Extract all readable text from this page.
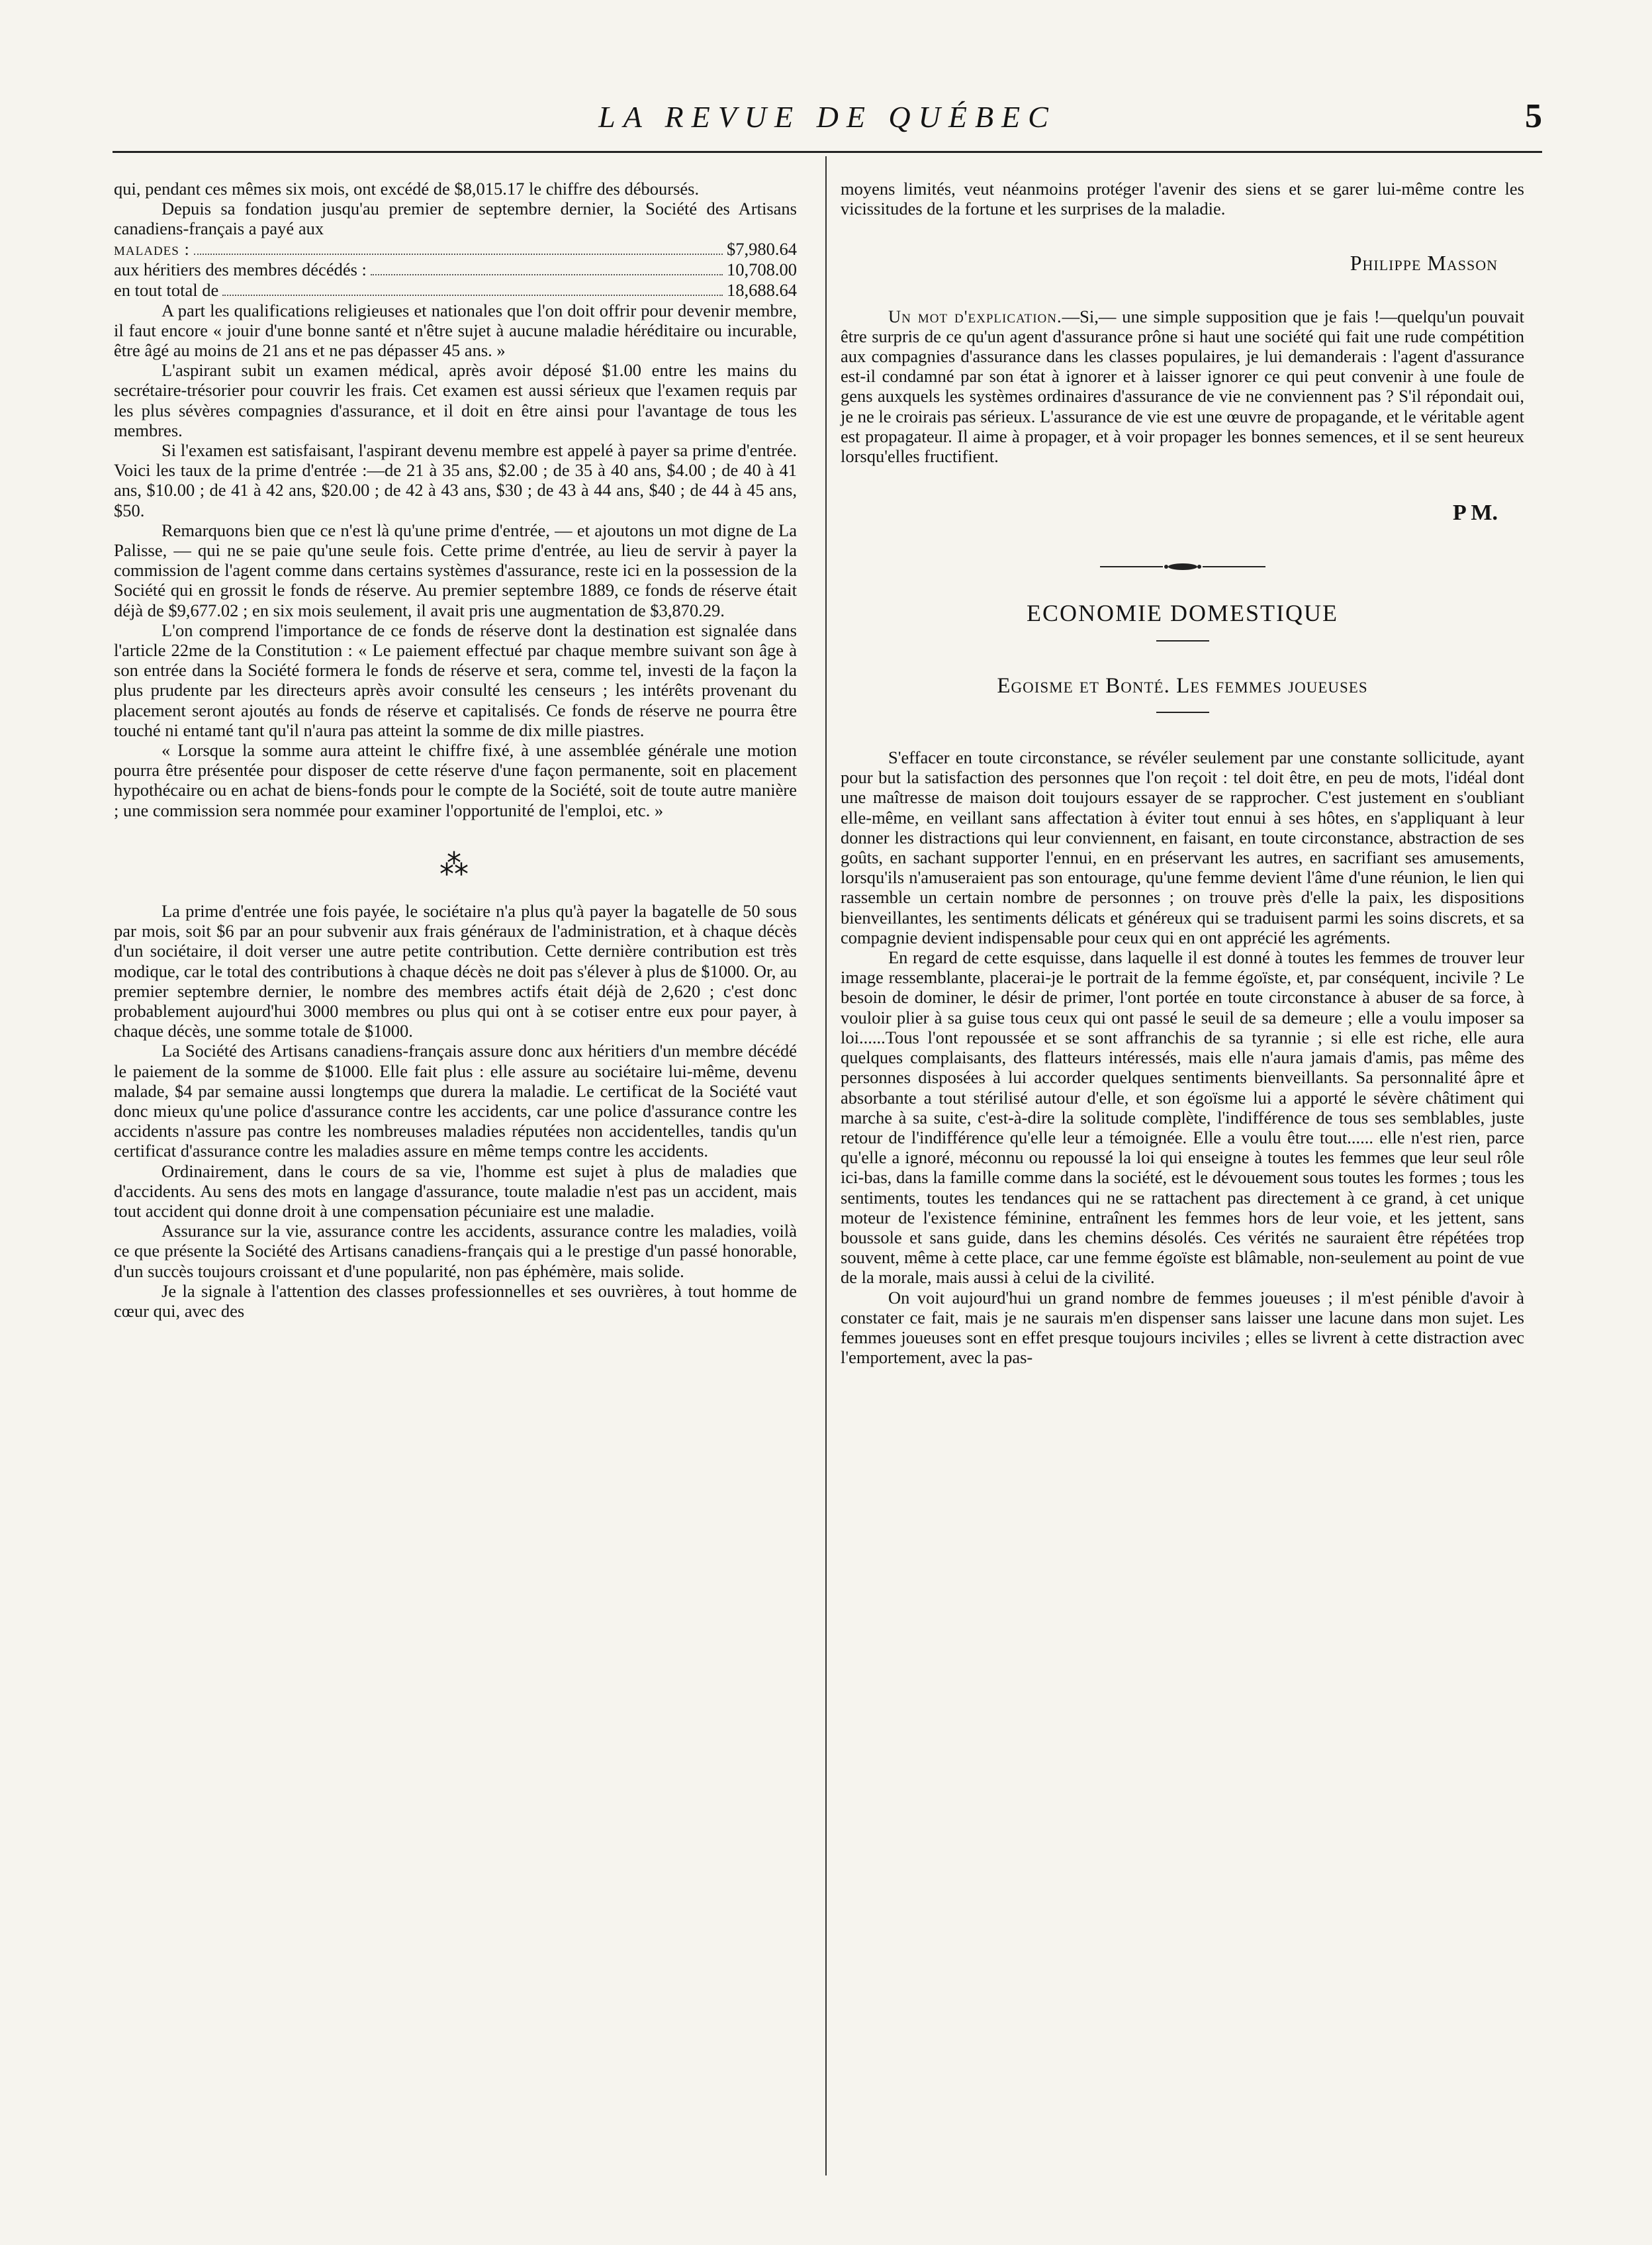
LA REVUE DE QUÉBEC	5

qui, pendant ces mêmes six mois, ont excédé de $8,015.17 le chiffre des déboursés.

Depuis sa fondation jusqu'au premier de septembre dernier, la Société des Artisans canadiens-français a payé aux

malades :	$7,980.64
aux héritiers des membres décédés :	10,708.00
en tout total de	18,688.64

A part les qualifications religieuses et nationales que l'on doit offrir pour devenir membre, il faut encore « jouir d'une bonne santé et n'être sujet à aucune maladie héréditaire ou incurable, être âgé au moins de 21 ans et ne pas dépasser 45 ans. »

L'aspirant subit un examen médical, après avoir déposé $1.00 entre les mains du secrétaire-trésorier pour couvrir les frais. Cet examen est aussi sérieux que l'examen requis par les plus sévères compagnies d'assurance, et il doit en être ainsi pour l'avantage de tous les membres.

Si l'examen est satisfaisant, l'aspirant devenu membre est appelé à payer sa prime d'entrée. Voici les taux de la prime d'entrée :—de 21 à 35 ans, $2.00 ; de 35 à 40 ans, $4.00 ; de 40 à 41 ans, $10.00 ; de 41 à 42 ans, $20.00 ; de 42 à 43 ans, $30 ; de 43 à 44 ans, $40 ; de 44 à 45 ans, $50.

Remarquons bien que ce n'est là qu'une prime d'entrée, — et ajoutons un mot digne de La Palisse, — qui ne se paie qu'une seule fois. Cette prime d'entrée, au lieu de servir à payer la commission de l'agent comme dans certains systèmes d'assurance, reste ici en la possession de la Société qui en grossit le fonds de réserve. Au premier septembre 1889, ce fonds de réserve était déjà de $9,677.02 ; en six mois seulement, il avait pris une augmentation de $3,870.29.

L'on comprend l'importance de ce fonds de réserve dont la destination est signalée dans l'article 22me de la Constitution : « Le paiement effectué par chaque membre suivant son âge à son entrée dans la Société formera le fonds de réserve et sera, comme tel, investi de la façon la plus prudente par les directeurs après avoir consulté les censeurs ; les intérêts provenant du placement seront ajoutés au fonds de réserve et capitalisés. Ce fonds de réserve ne pourra être touché ni entamé tant qu'il n'aura pas atteint la somme de dix mille piastres.

« Lorsque la somme aura atteint le chiffre fixé, à une assemblée générale une motion pourra être présentée pour disposer de cette réserve d'une façon permanente, soit en placement hypothécaire ou en achat de biens-fonds pour le compte de la Société, soit de toute autre manière ; une commission sera nommée pour examiner l'opportunité de l'emploi, etc. »

⁂

La prime d'entrée une fois payée, le sociétaire n'a plus qu'à payer la bagatelle de 50 sous par mois, soit $6 par an pour subvenir aux frais généraux de l'administration, et à chaque décès d'un sociétaire, il doit verser une autre petite contribution. Cette dernière contribution est très modique, car le total des contributions à chaque décès ne doit pas s'élever à plus de $1000. Or, au premier septembre dernier, le nombre des membres actifs était déjà de 2,620 ; c'est donc probablement aujourd'hui 3000 membres ou plus qui ont à se cotiser entre eux pour payer, à chaque décès, une somme totale de $1000.

La Société des Artisans canadiens-français assure donc aux héritiers d'un membre décédé le paiement de la somme de $1000. Elle fait plus : elle assure au sociétaire lui-même, devenu malade, $4 par semaine aussi longtemps que durera la maladie. Le certificat de la Société vaut donc mieux qu'une police d'assurance contre les accidents, car une police d'assurance contre les accidents n'assure pas contre les nombreuses maladies réputées non accidentelles, tandis qu'un certificat d'assurance contre les maladies assure en même temps contre les accidents.

Ordinairement, dans le cours de sa vie, l'homme est sujet à plus de maladies que d'accidents. Au sens des mots en langage d'assurance, toute maladie n'est pas un accident, mais tout accident qui donne droit à une compensation pécuniaire est une maladie.

Assurance sur la vie, assurance contre les accidents, assurance contre les maladies, voilà ce que présente la Société des Artisans canadiens-français qui a le prestige d'un passé honorable, d'un succès toujours croissant et d'une popularité, non pas éphémère, mais solide.

Je la signale à l'attention des classes professionnelles et ses ouvrières, à tout homme de cœur qui, avec des

moyens limités, veut néanmoins protéger l'avenir des siens et se garer lui-même contre les vicissitudes de la fortune et les surprises de la maladie.

Philippe Masson

Un mot d'explication.—Si,— une simple supposition que je fais !—quelqu'un pouvait être surpris de ce qu'un agent d'assurance prône si haut une société qui fait une rude compétition aux compagnies d'assurance dans les classes populaires, je lui demanderais : l'agent d'assurance est-il condamné par son état à ignorer et à laisser ignorer ce qui peut convenir à une foule de gens auxquels les systèmes ordinaires d'assurance de vie ne conviennent pas ? S'il répondait oui, je ne le croirais pas sérieux. L'assurance de vie est une œuvre de propagande, et le véritable agent est propagateur. Il aime à propager, et à voir propager les bonnes semences, et il se sent heureux lorsqu'elles fructifient.

P M.
ECONOMIE DOMESTIQUE
Egoisme et Bonté. Les femmes joueuses

S'effacer en toute circonstance, se révéler seulement par une constante sollicitude, ayant pour but la satisfaction des personnes que l'on reçoit : tel doit être, en peu de mots, l'idéal dont une maîtresse de maison doit toujours essayer de se rapprocher. C'est justement en s'oubliant elle-même, en veillant sans affectation à éviter tout ennui à ses hôtes, en s'appliquant à leur donner les distractions qui leur conviennent, en faisant, en toute circonstance, abstraction de ses goûts, en sachant supporter l'ennui, en en préservant les autres, en sacrifiant ses amusements, lorsqu'ils n'amuseraient pas son entourage, qu'une femme devient l'âme d'une réunion, le lien qui rassemble un certain nombre de personnes ; on trouve près d'elle la paix, les dispositions bienveillantes, les sentiments délicats et généreux qui se traduisent parmi les soins discrets, et sa compagnie devient indispensable pour ceux qui en ont apprécié les agréments.

En regard de cette esquisse, dans laquelle il est donné à toutes les femmes de trouver leur image ressemblante, placerai-je le portrait de la femme égoïste, et, par conséquent, incivile ? Le besoin de dominer, le désir de primer, l'ont portée en toute circonstance à abuser de sa force, à vouloir plier à sa guise tous ceux qui ont passé le seuil de sa demeure ; elle a voulu imposer sa loi......Tous l'ont repoussée et se sont affranchis de sa tyrannie ; si elle est riche, elle aura quelques complaisants, des flatteurs intéressés, mais elle n'aura jamais d'amis, pas même des personnes disposées à lui accorder quelques sentiments bienveillants. Sa personnalité âpre et absorbante a tout stérilisé autour d'elle, et son égoïsme lui a apporté le sévère châtiment qui marche à sa suite, c'est-à-dire la solitude complète, l'indifférence de tous ses semblables, juste retour de l'indifférence qu'elle leur a témoignée. Elle a voulu être tout...... elle n'est rien, parce qu'elle a ignoré, méconnu ou repoussé la loi qui enseigne à toutes les femmes que leur seul rôle ici-bas, dans la famille comme dans la société, est le dévouement sous toutes les formes ; tous les sentiments, toutes les tendances qui ne se rattachent pas directement à ce grand, à cet unique moteur de l'existence féminine, entraînent les femmes hors de leur voie, et les jettent, sans boussole et sans guide, dans les chemins désolés. Ces vérités ne sauraient être répétées trop souvent, même à cette place, car une femme égoïste est blâmable, non-seulement au point de vue de la morale, mais aussi à celui de la civilité.

On voit aujourd'hui un grand nombre de femmes joueuses ; il m'est pénible d'avoir à constater ce fait, mais je ne saurais m'en dispenser sans laisser une lacune dans mon sujet. Les femmes joueuses sont en effet presque toujours inciviles ; elles se livrent à cette distraction avec l'emportement, avec la pas-
